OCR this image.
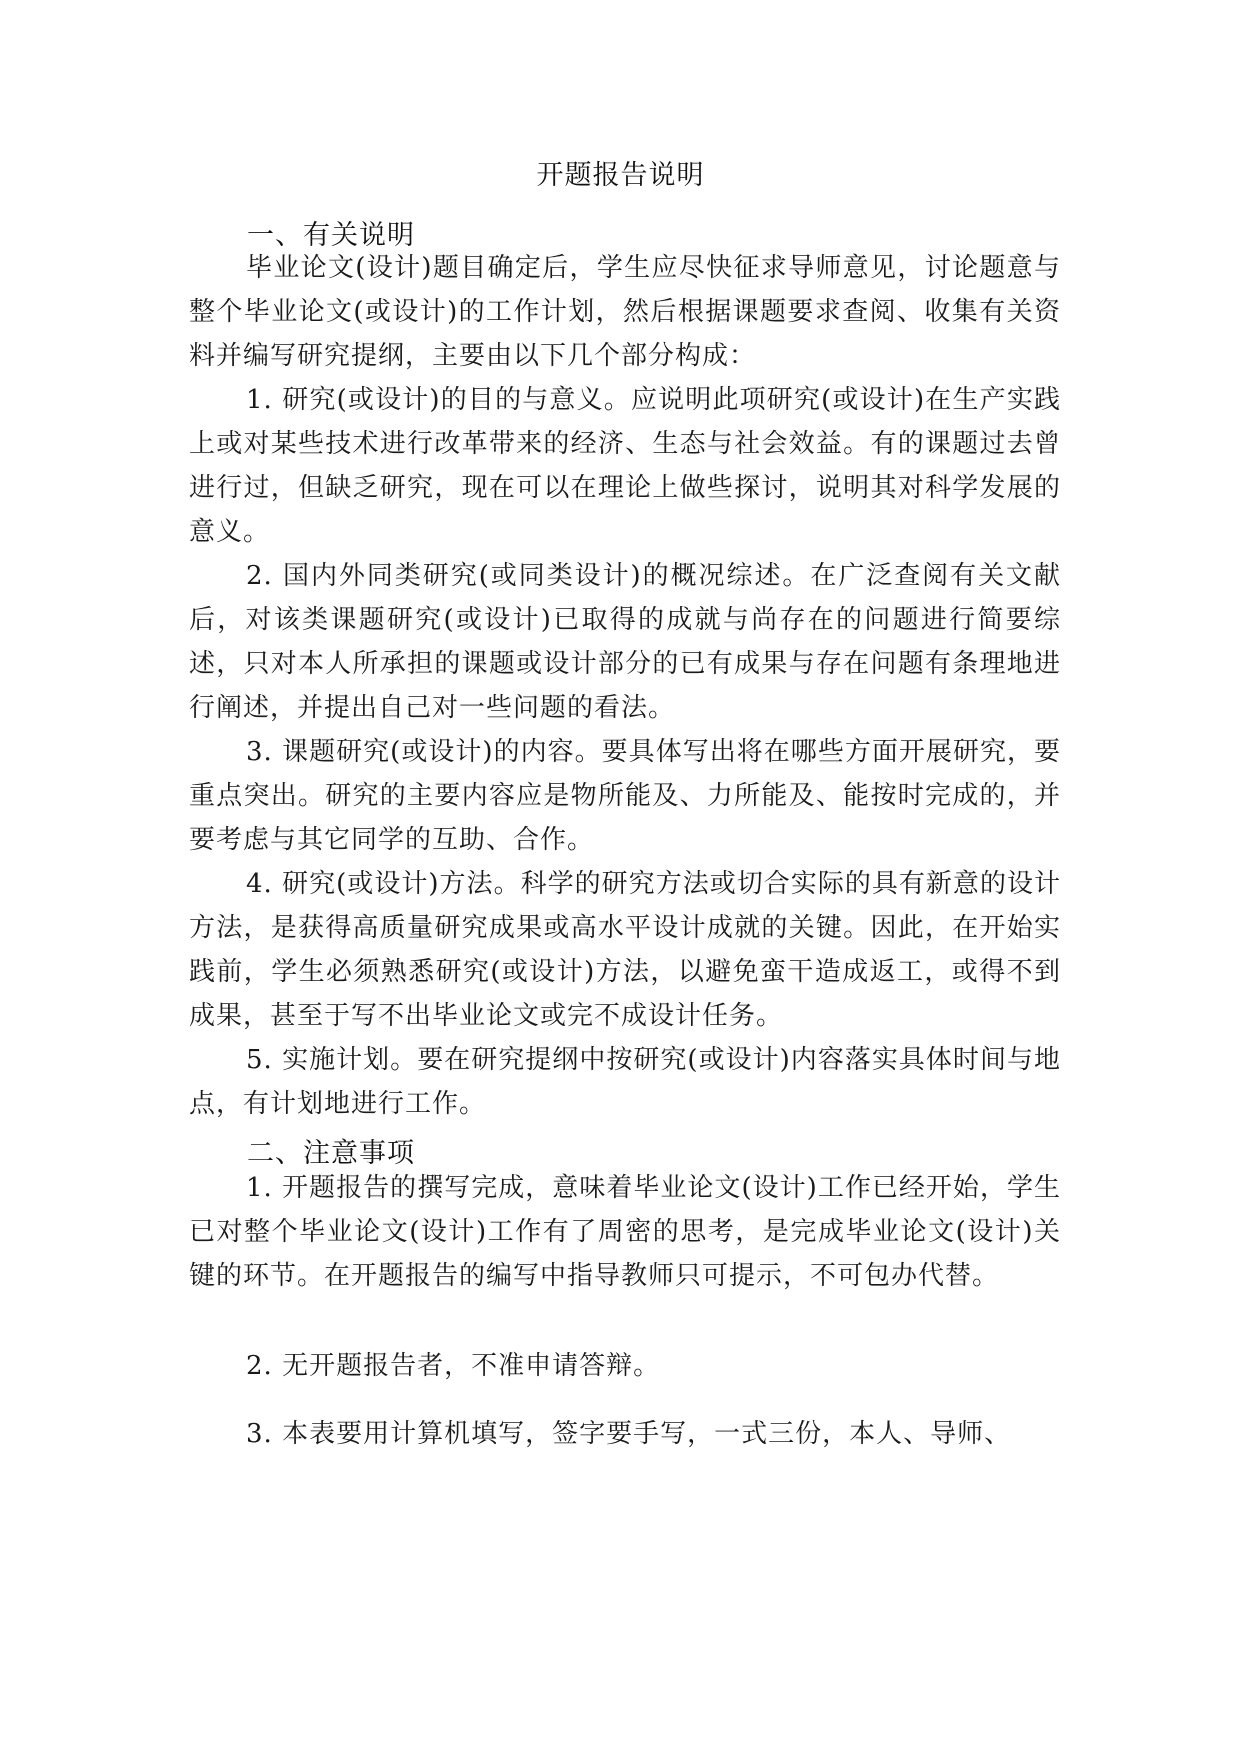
开题报告说明
一、有关说明

毕业论文(设计)题目确定后，学生应尽快征求导师意见，讨论题意与整个毕业论文(或设计)的工作计划，然后根据课题要求查阅、收集有关资料并编写研究提纲，主要由以下几个部分构成：

1. 研究(或设计)的目的与意义。应说明此项研究(或设计)在生产实践上或对某些技术进行改革带来的经济、生态与社会效益。有的课题过去曾进行过，但缺乏研究，现在可以在理论上做些探讨，说明其对科学发展的意义。

2. 国内外同类研究(或同类设计)的概况综述。在广泛查阅有关文献后，对该类课题研究(或设计)已取得的成就与尚存在的问题进行简要综述，只对本人所承担的课题或设计部分的已有成果与存在问题有条理地进行阐述，并提出自己对一些问题的看法。

3. 课题研究(或设计)的内容。要具体写出将在哪些方面开展研究，要重点突出。研究的主要内容应是物所能及、力所能及、能按时完成的，并要考虑与其它同学的互助、合作。

4. 研究(或设计)方法。科学的研究方法或切合实际的具有新意的设计方法，是获得高质量研究成果或高水平设计成就的关键。因此，在开始实践前，学生必须熟悉研究(或设计)方法，以避免蛮干造成返工，或得不到成果，甚至于写不出毕业论文或完不成设计任务。

5. 实施计划。要在研究提纲中按研究(或设计)内容落实具体时间与地点，有计划地进行工作。

二、注意事项

1. 开题报告的撰写完成，意味着毕业论文(设计)工作已经开始，学生已对整个毕业论文(设计)工作有了周密的思考，是完成毕业论文(设计)关键的环节。在开题报告的编写中指导教师只可提示，不可包办代替。

2. 无开题报告者，不准申请答辩。

3. 本表要用计算机填写，签字要手写，一式三份，本人、导师、
